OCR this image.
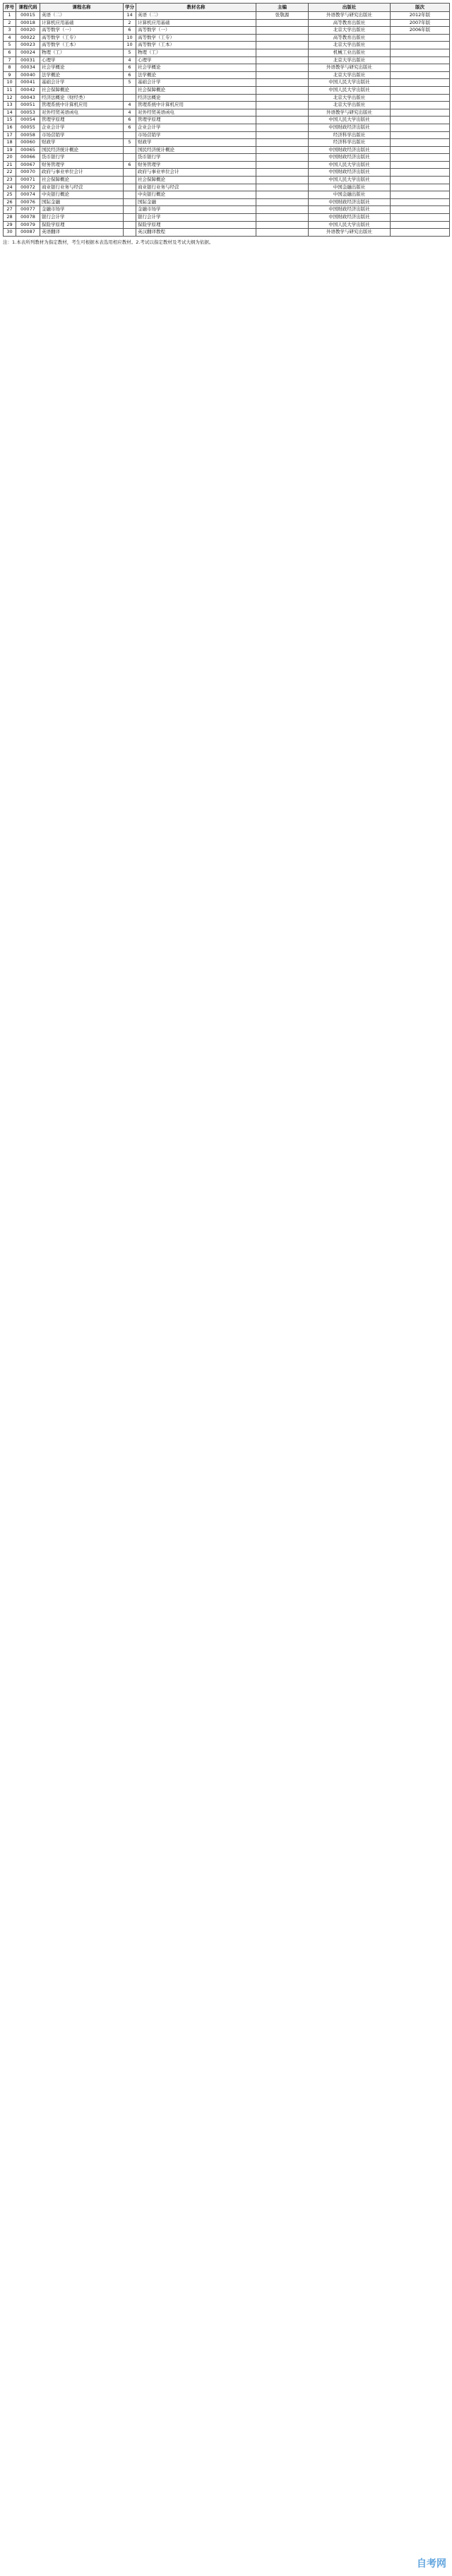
序号	课程代码	课程名称	学分	教材名称	主编	出版社	版次
1	00015	英语（二）	14	英语（二）	张敬源	外语教学与研究出版社	2012年版
2	00018	计算机应用基础	2	计算机应用基础		高等教育出版社	2007年版
3	00020	高等数学（一）	6	高等数学（一）		北京大学出版社	2006年版
4	00022	高等数学（工专）	10	高等数学（工专）		高等教育出版社	
5	00023	高等数学（工本）	10	高等数学（工本）		北京大学出版社	
6	00024	物理（工）	5	物理（工）		机械工业出版社	
7	00031	心理学	4	心理学		北京大学出版社	
8	00034	社会学概论	6	社会学概论		外语教学与研究出版社	
9	00040	法学概论	6	法学概论		北京大学出版社	
10	00041	基础会计学	5	基础会计学		中国人民大学出版社	
11	00042	社会保障概论		社会保障概论		中国人民大学出版社	
12	00043	经济法概论（财经类）		经济法概论		北京大学出版社	
13	00051	管理系统中计算机应用	4	管理系统中计算机应用		北京大学出版社	
14	00053	对外经贸英语函电	4	对外经贸英语函电		外语教学与研究出版社	
15	00054	管理学原理	6	管理学原理		中国人民大学出版社	
16	00055	企业会计学	6	企业会计学		中国财政经济出版社	
17	00058	市场营销学		市场营销学		经济科学出版社	
18	00060	财政学	5	财政学		经济科学出版社	
19	00065	国民经济统计概论		国民经济统计概论		中国财政经济出版社	
20	00066	货币银行学		货币银行学		中国财政经济出版社	
21	00067	财务管理学	6	财务管理学		中国人民大学出版社	
22	00070	政府与事业单位会计		政府与事业单位会计		中国财政经济出版社	
23	00071	社会保障概论		社会保障概论		中国人民大学出版社	
24	00072	商业银行业务与经营		商业银行业务与经营		中国金融出版社	
25	00074	中央银行概论		中央银行概论		中国金融出版社	
26	00076	国际金融		国际金融		中国财政经济出版社	
27	00077	金融市场学		金融市场学		中国财政经济出版社	
28	00078	银行会计学		银行会计学		中国财政经济出版社	
29	00079	保险学原理		保险学原理		中国人民大学出版社	
30	00087	英语翻译		英汉翻译教程		外语教学与研究出版社	
注：1.本表所列教材为指定教材，考生可根据本表选用相应教材。2.考试以指定教材及考试大纲为依据。
自考网
